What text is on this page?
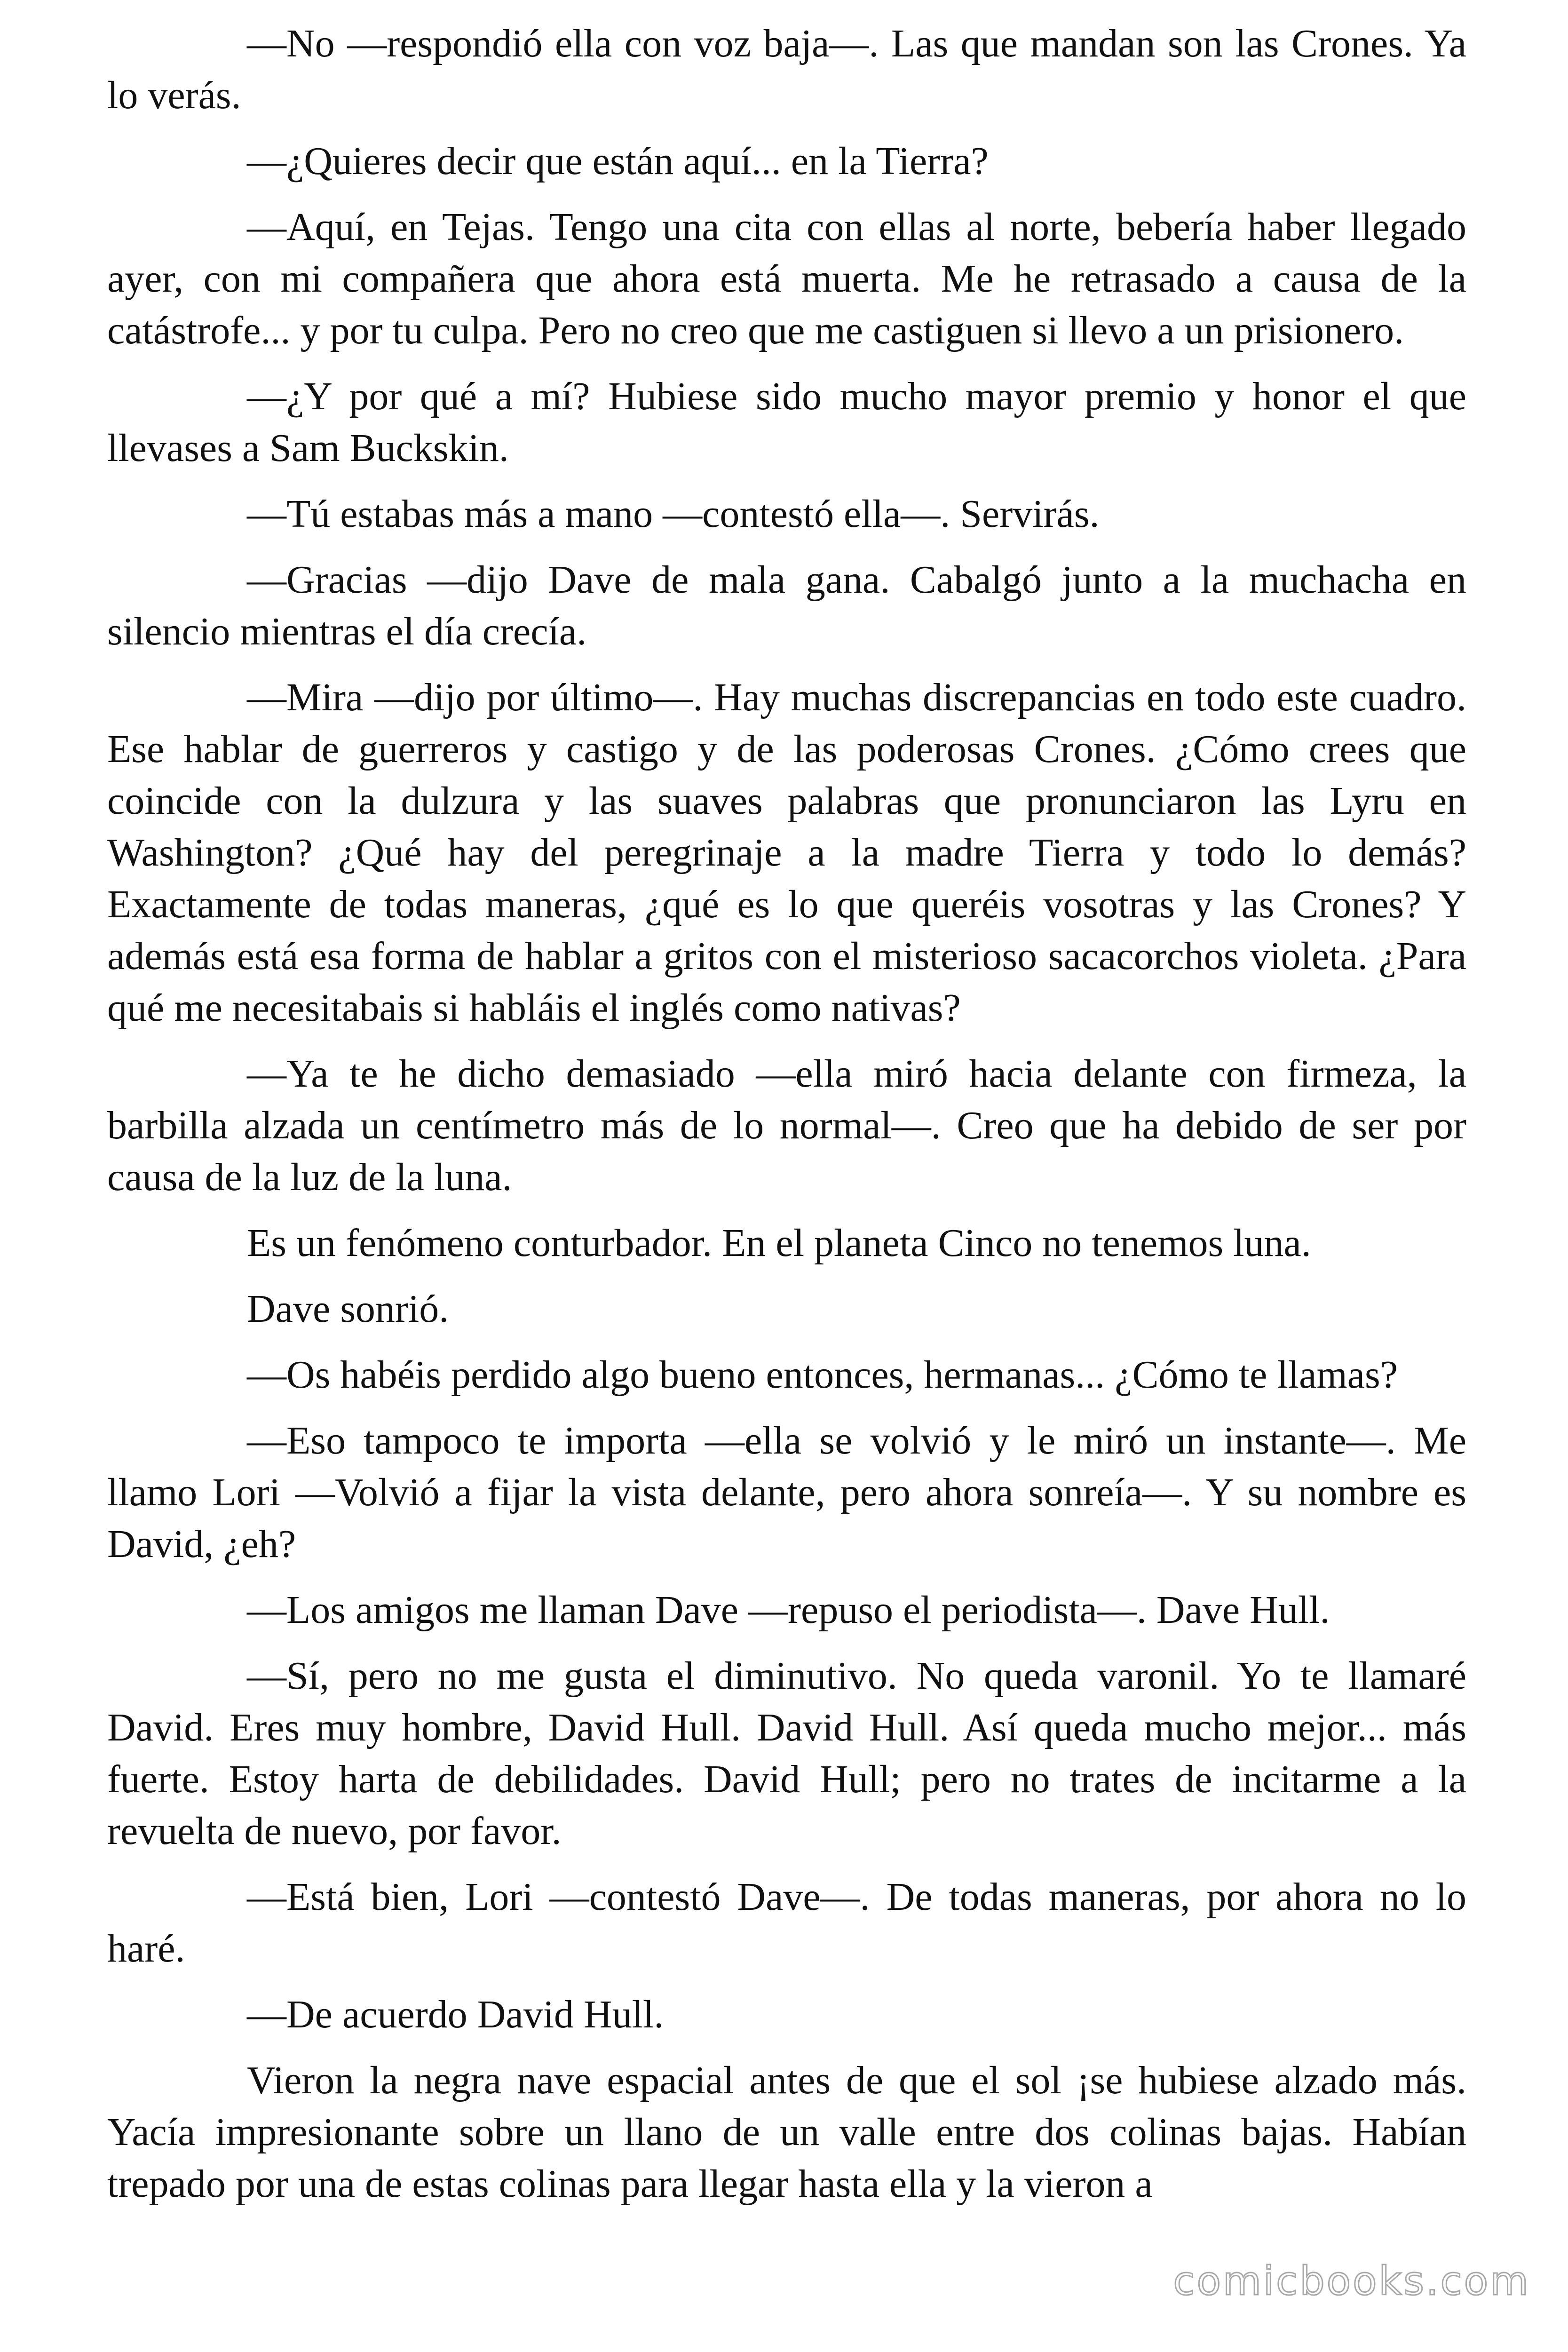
—No —respondió ella con voz baja—. Las que mandan son las Crones. Ya lo verás.

—¿Quieres decir que están aquí... en la Tierra?

—Aquí, en Tejas. Tengo una cita con ellas al norte, bebería haber llegado ayer, con mi compañera que ahora está muerta. Me he retrasado a causa de la catástrofe... y por tu culpa. Pero no creo que me castiguen si llevo a un prisionero.

—¿Y por qué a mí? Hubiese sido mucho mayor premio y honor el que llevases a Sam Buckskin.

—Tú estabas más a mano —contestó ella—. Servirás.

—Gracias —dijo Dave de mala gana. Cabalgó junto a la muchacha en silencio mientras el día crecía.

—Mira —dijo por último—. Hay muchas discrepancias en todo este cuadro. Ese hablar de guerreros y castigo y de las poderosas Crones. ¿Cómo crees que coincide con la dulzura y las suaves palabras que pronunciaron las Lyru en Washington? ¿Qué hay del peregrinaje a la madre Tierra y todo lo demás? Exactamente de todas maneras, ¿qué es lo que queréis vosotras y las Crones? Y además está esa forma de hablar a gritos con el misterioso sacacorchos violeta. ¿Para qué me necesitabais si habláis el inglés como nativas?

—Ya te he dicho demasiado —ella miró hacia delante con firmeza, la barbilla alzada un centímetro más de lo normal—. Creo que ha debido de ser por causa de la luz de la luna.

Es un fenómeno conturbador. En el planeta Cinco no tenemos luna.

Dave sonrió.

—Os habéis perdido algo bueno entonces, hermanas... ¿Cómo te llamas?

—Eso tampoco te importa —ella se volvió y le miró un instante—. Me llamo Lori —Volvió a fijar la vista delante, pero ahora sonreía—. Y su nombre es David, ¿eh?

—Los amigos me llaman Dave —repuso el periodista—. Dave Hull.

—Sí, pero no me gusta el diminutivo. No queda varonil. Yo te llamaré David. Eres muy hombre, David Hull. David Hull. Así queda mucho mejor... más fuerte. Estoy harta de debilidades. David Hull; pero no trates de incitarme a la revuelta de nuevo, por favor.

—Está bien, Lori —contestó Dave—. De todas maneras, por ahora no lo haré.

—De acuerdo David Hull.

Vieron la negra nave espacial antes de que el sol ¡se hubiese alzado más. Yacía impresionante sobre un llano de un valle entre dos colinas bajas. Habían trepado por una de estas colinas para llegar hasta ella y la vieron a

comicbooks.com
